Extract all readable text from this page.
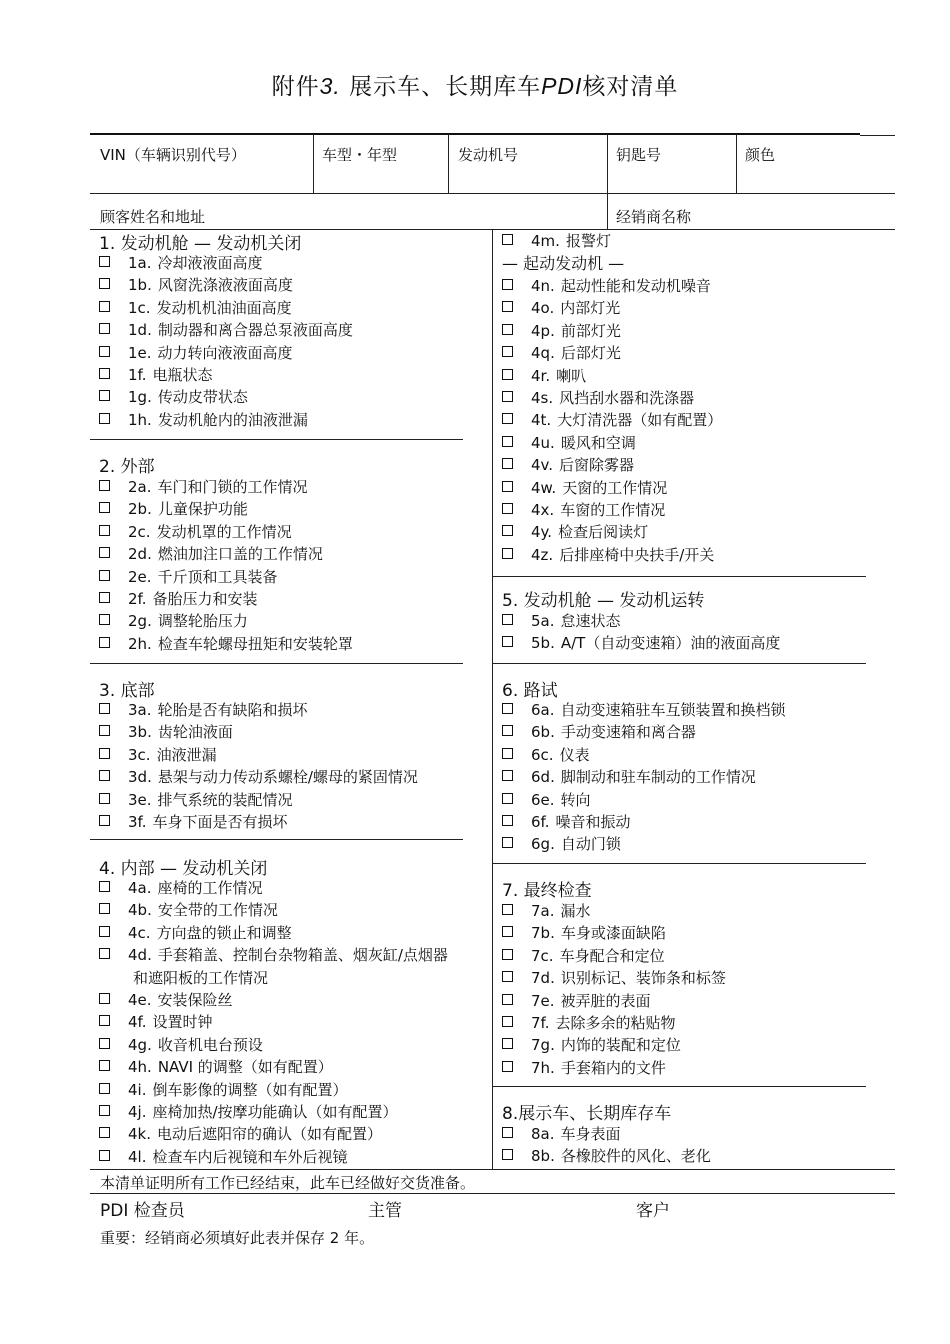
附件3. 展示车、长期库车PDI核对清单
VIN（车辆识别代号）	车型・年型	发动机号	钥匙号	颜色
顾客姓名和地址	经销商名称
1. 发动机舱 — 发动机关闭
1a. 冷却液液面高度
1b. 风窗洗涤液液面高度
1c. 发动机机油油面高度
1d. 制动器和离合器总泵液面高度
1e. 动力转向液液面高度
1f. 电瓶状态
1g. 传动皮带状态
1h. 发动机舱内的油液泄漏
2. 外部
2a. 车门和门锁的工作情况
2b. 儿童保护功能
2c. 发动机罩的工作情况
2d. 燃油加注口盖的工作情况
2e. 千斤顶和工具装备
2f. 备胎压力和安装
2g. 调整轮胎压力
2h. 检查车轮螺母扭矩和安装轮罩
3. 底部
3a. 轮胎是否有缺陷和损坏
3b. 齿轮油液面
3c. 油液泄漏
3d. 悬架与动力传动系螺栓/螺母的紧固情况
3e. 排气系统的装配情况
3f. 车身下面是否有损坏
4. 内部 — 发动机关闭
4a. 座椅的工作情况
4b. 安全带的工作情况
4c. 方向盘的锁止和调整
4d. 手套箱盖、控制台杂物箱盖、烟灰缸/点烟器
和遮阳板的工作情况
4e. 安装保险丝
4f. 设置时钟
4g. 收音机电台预设
4h. NAVI 的调整（如有配置）
4i. 倒车影像的调整（如有配置）
4j. 座椅加热/按摩功能确认（如有配置）
4k. 电动后遮阳帘的确认（如有配置）
4l. 检查车内后视镜和车外后视镜
5. 发动机舱 — 发动机运转
5a. 怠速状态
5b. A/T（自动变速箱）油的液面高度
6. 路试
6a. 自动变速箱驻车互锁装置和换档锁
6b. 手动变速箱和离合器
6c. 仪表
6d. 脚制动和驻车制动的工作情况
6e. 转向
6f. 噪音和振动
6g. 自动门锁
7. 最终检查
7a. 漏水
7b. 车身或漆面缺陷
7c. 车身配合和定位
7d. 识别标记、装饰条和标签
7e. 被弄脏的表面
7f. 去除多余的粘贴物
7g. 内饰的装配和定位
7h. 手套箱内的文件
8.展示车、长期库存车
8a. 车身表面
8b. 各橡胶件的风化、老化
4m. 报警灯
— 起动发动机 —
4n. 起动性能和发动机噪音
4o. 内部灯光
4p. 前部灯光
4q. 后部灯光
4r. 喇叭
4s. 风挡刮水器和洗涤器
4t. 大灯清洗器（如有配置）
4u. 暖风和空调
4v. 后窗除雾器
4w. 天窗的工作情况
4x. 车窗的工作情况
4y. 检查后阅读灯
4z. 后排座椅中央扶手/开关
本清单证明所有工作已经结束，此车已经做好交货准备。
PDI 检查员	主管	客户
重要：经销商必须填好此表并保存 2 年。
